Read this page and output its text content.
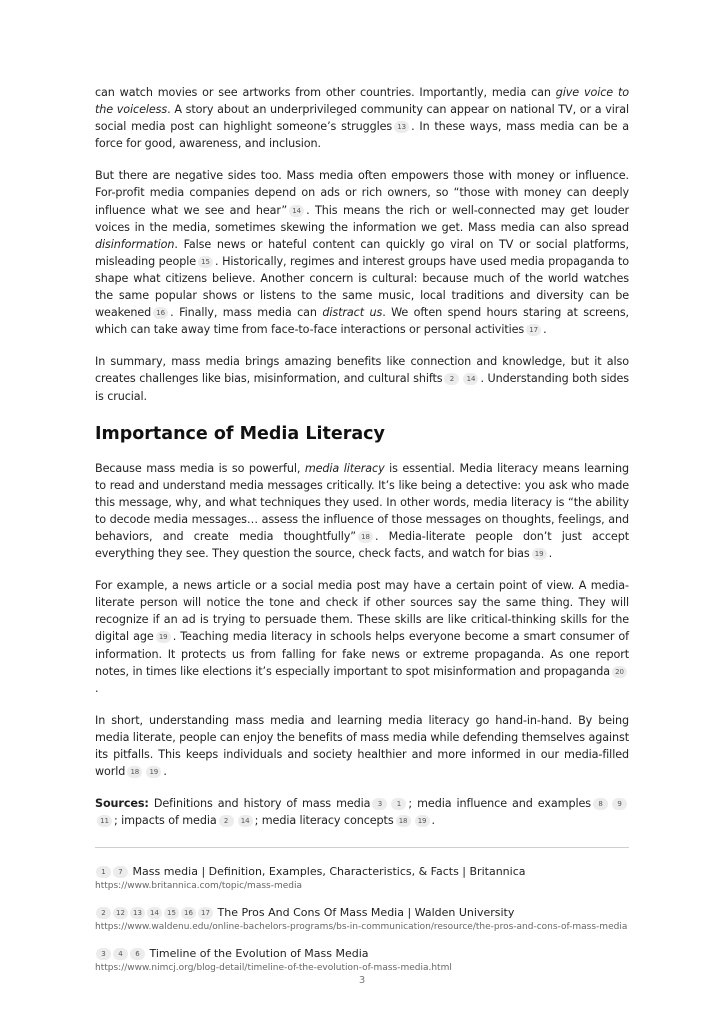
can watch movies or see artworks from other countries. Importantly, media can give voice to the voiceless. A story about an underprivileged community can appear on national TV, or a viral social media post can highlight someone’s struggles 13 . In these ways, mass media can be a force for good, awareness, and inclusion.

But there are negative sides too. Mass media often empowers those with money or influence. For-profit media companies depend on ads or rich owners, so “those with money can deeply influence what we see and hear” 14 . This means the rich or well-connected may get louder voices in the media, sometimes skewing the information we get. Mass media can also spread disinformation. False news or hateful content can quickly go viral on TV or social platforms, misleading people 15 . Historically, regimes and interest groups have used media propaganda to shape what citizens believe. Another concern is cultural: because much of the world watches the same popular shows or listens to the same music, local traditions and diversity can be weakened 16 . Finally, mass media can distract us. We often spend hours staring at screens, which can take away time from face-to-face interactions or personal activities 17 .

In summary, mass media brings amazing benefits like connection and knowledge, but it also creates challenges like bias, misinformation, and cultural shifts 2 14 . Understanding both sides is crucial.

Importance of Media Literacy

Because mass media is so powerful, media literacy is essential. Media literacy means learning to read and understand media messages critically. It’s like being a detective: you ask who made this message, why, and what techniques they used. In other words, media literacy is “the ability to decode media messages… assess the influence of those messages on thoughts, feelings, and behaviors, and create media thoughtfully” 18 . Media-literate people don’t just accept everything they see. They question the source, check facts, and watch for bias 19 .

For example, a news article or a social media post may have a certain point of view. A media-literate person will notice the tone and check if other sources say the same thing. They will recognize if an ad is trying to persuade them. These skills are like critical-thinking skills for the digital age 19 . Teaching media literacy in schools helps everyone become a smart consumer of information. It protects us from falling for fake news or extreme propaganda. As one report notes, in times like elections it’s especially important to spot misinformation and propaganda 20.

In short, understanding mass media and learning media literacy go hand-in-hand. By being media literate, people can enjoy the benefits of mass media while defending themselves against its pitfalls. This keeps individuals and society healthier and more informed in our media-filled world 18 19 .

Sources: Definitions and history of mass media 3 1 ; media influence and examples 8 911 ; impacts of media 2 14 ; media literacy concepts 18 19 .

1 7 Mass media | Definition, Examples, Characteristics, & Facts | Britannica
https://www.britannica.com/topic/mass-media
2 12 13 14 15 16 17 The Pros And Cons Of Mass Media | Walden University
https://www.waldenu.edu/online-bachelors-programs/bs-in-communication/resource/the-pros-and-cons-of-mass-media
3 4 6 Timeline of the Evolution of Mass Media
https://www.nimcj.org/blog-detail/timeline-of-the-evolution-of-mass-media.html
3
